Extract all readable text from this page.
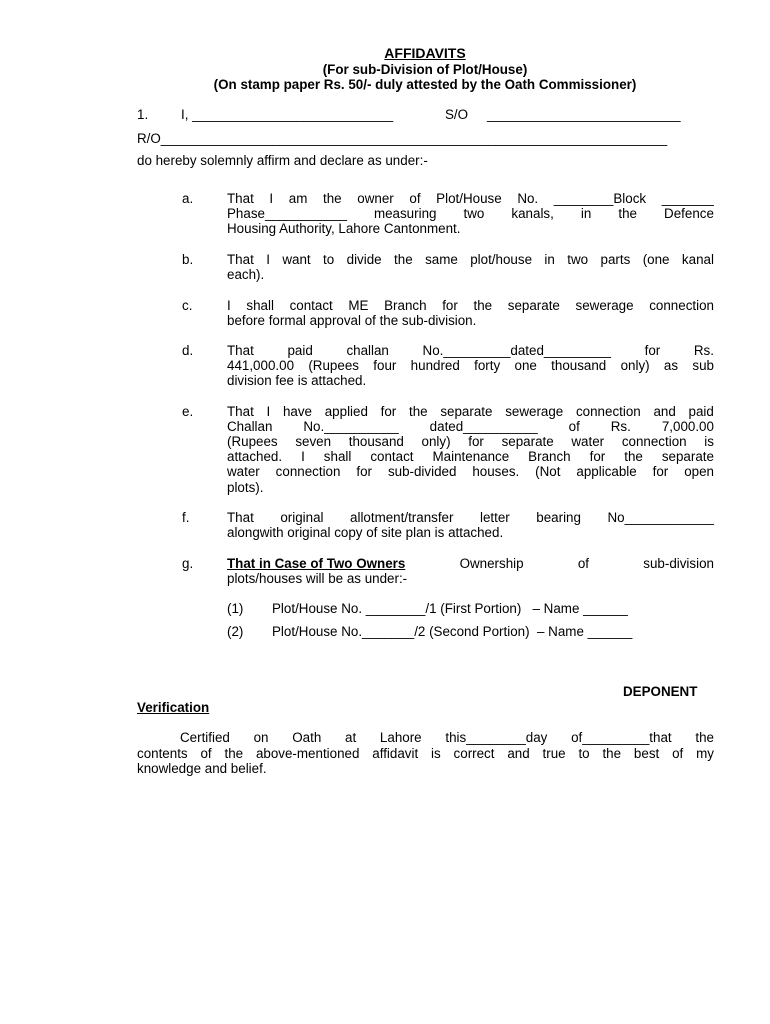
AFFIDAVITS
(For sub-Division of Plot/House)
(On stamp paper Rs. 50/- duly attested by the Oath Commissioner)
1. I, ___________________________	S/O __________________________
R/O____________________________________________________________________
do hereby solemnly affirm and declare as under:-
a.	That I am the owner of Plot/House No. ________Block _______
Phase___________ measuring two kanals, in the Defence
Housing Authority, Lahore Cantonment.
b.	That I want to divide the same plot/house in two parts (one kanal
each).
c.	I shall contact ME Branch for the separate sewerage connection
before formal approval of the sub-division.
d.	That	paid	challan	No._________dated_________	for	Rs.
441,000.00 (Rupees four hundred forty one thousand only) as sub
division fee is attached.
e.	That I have applied for the separate sewerage connection and paid
Challan No.__________ dated__________ of Rs. 7,000.00
(Rupees seven thousand only) for separate water connection is
attached. I shall contact Maintenance Branch for the separate
water connection for sub-divided houses. (Not applicable for open
plots).
f.	That original allotment/transfer letter bearing No____________
alongwith original copy of site plan is attached.
g.	That in Case of Two Owners	Ownership	of	sub-division
plots/houses will be as under:-
(1) Plot/House No. ________/1 (First Portion)   – Name ______
(2) Plot/House No._______/2 (Second Portion)  – Name ______
DEPONENT
Verification
Certified on Oath at Lahore this________day of_________that the
contents of the above-mentioned affidavit is correct and true to the best of my
knowledge and belief.
